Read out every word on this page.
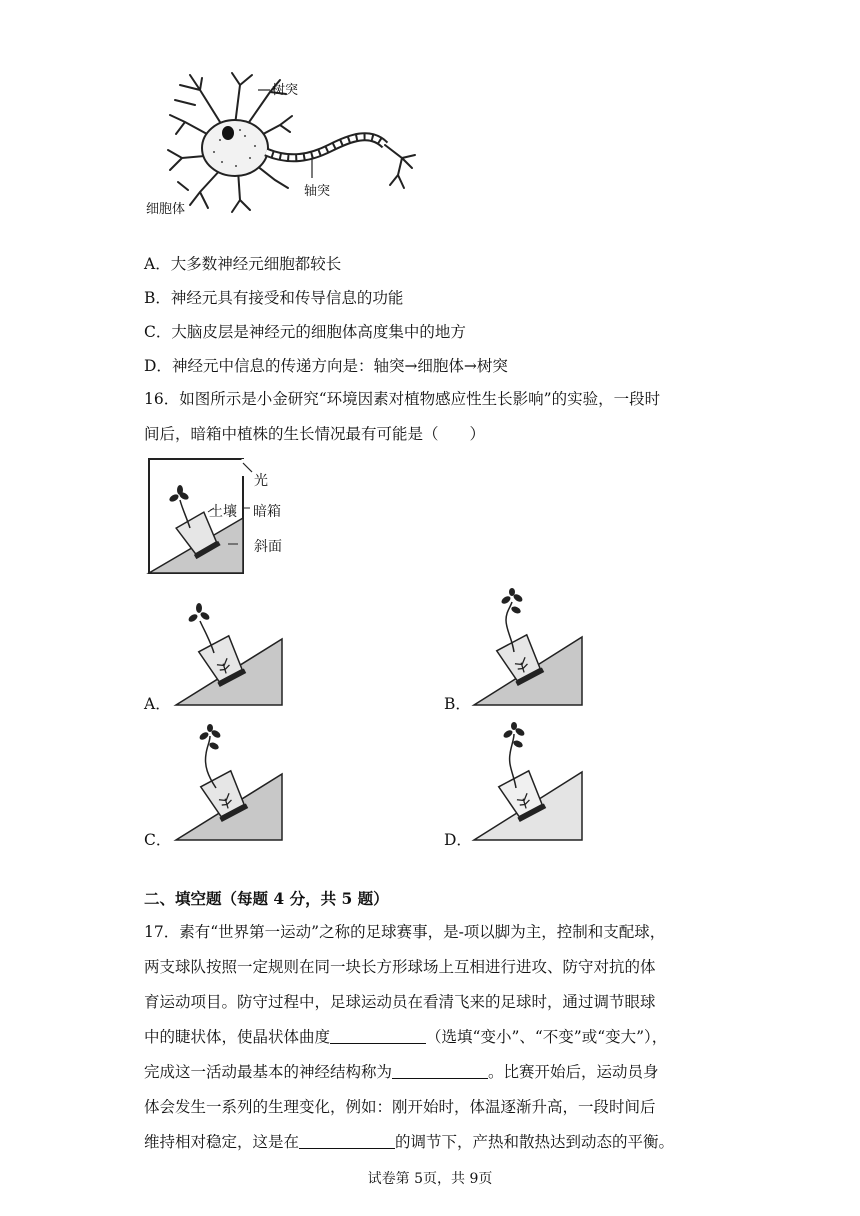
树突
轴突
细胞体
A．大多数神经元细胞都较长
B．神经元具有接受和传导信息的功能
C．大脑皮层是神经元的细胞体高度集中的地方
D．神经元中信息的传递方向是：轴突→细胞体→树突
16．如图所示是小金研究“环境因素对植物感应性生长影响”的实验，一段时
间后，暗箱中植株的生长情况最有可能是（　　）
光
土壤 暗箱
斜面
A．	B．
C．	D．
二、填空题（每题 4 分，共 5 题）
17．素有“世界第一运动”之称的足球赛事，是-项以脚为主，控制和支配球，
两支球队按照一定规则在同一块长方形球场上互相进行进攻、防守对抗的体
育运动项目。防守过程中，足球运动员在看清飞来的足球时，通过调节眼球
中的睫状体，使晶状体曲度	（选填“变小”、“不变”或“变大”），
完成这一活动最基本的神经结构称为	。比赛开始后，运动员身
体会发生一系列的生理变化，例如：刚开始时，体温逐渐升高，一段时间后
维持相对稳定，这是在	的调节下，产热和散热达到动态的平衡。
试卷第 5页，共 9页
